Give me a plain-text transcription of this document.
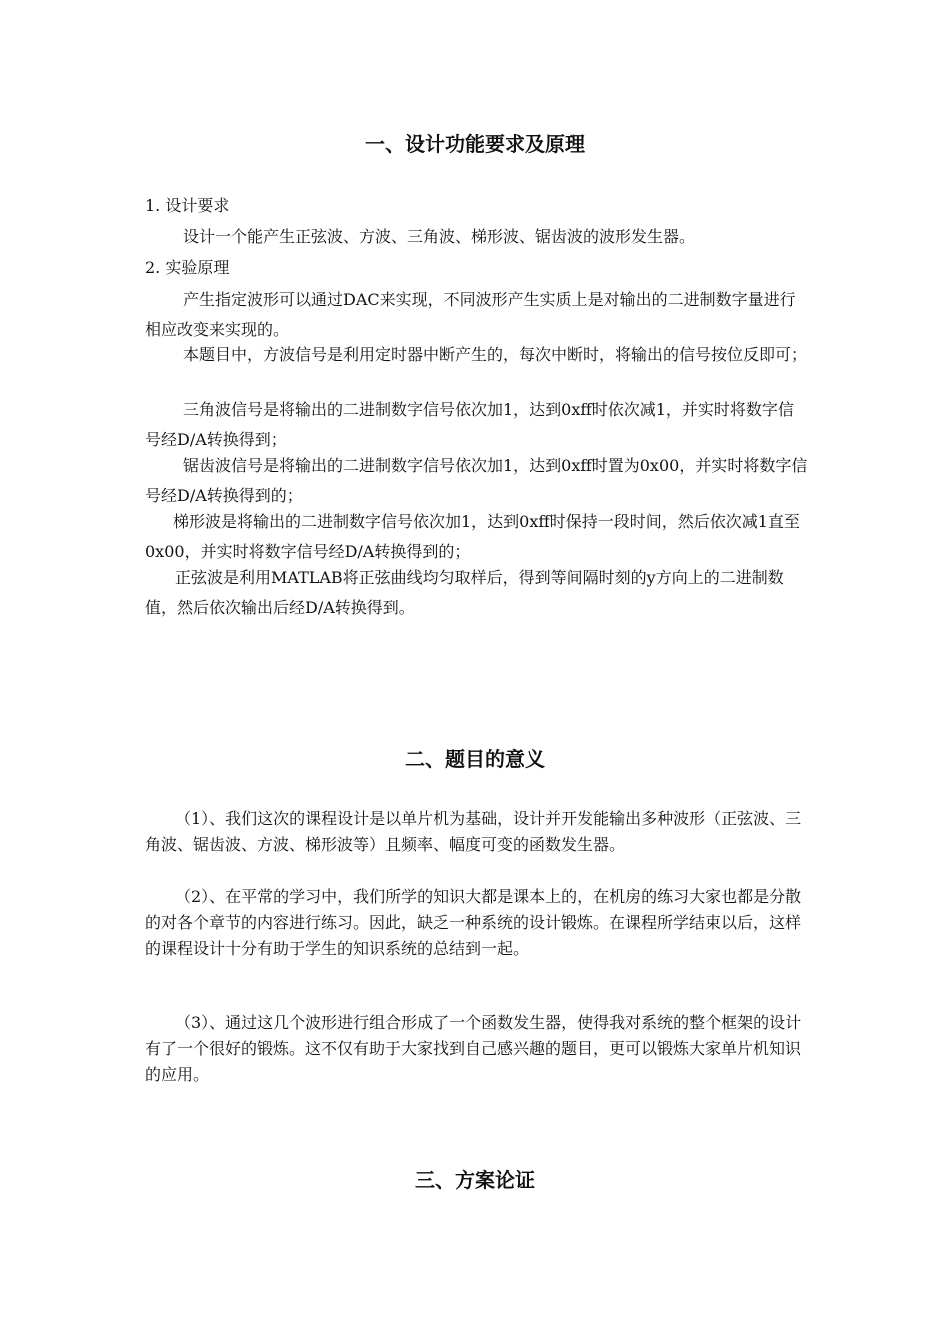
一、设计功能要求及原理

1. 设计要求

设计一个能产生正弦波、方波、三角波、梯形波、锯齿波的波形发生器。

2. 实验原理

产生指定波形可以通过DAC来实现，不同波形产生实质上是对输出的二进制数字量进行相应改变来实现的。

本题目中，方波信号是利用定时器中断产生的，每次中断时，将输出的信号按位反即可；

三角波信号是将输出的二进制数字信号依次加1，达到0xff时依次减1，并实时将数字信号经D/A转换得到；

锯齿波信号是将输出的二进制数字信号依次加1，达到0xff时置为0x00，并实时将数字信号经D/A转换得到的；

梯形波是将输出的二进制数字信号依次加1，达到0xff时保持一段时间，然后依次减1直至0x00，并实时将数字信号经D/A转换得到的；

正弦波是利用MATLAB将正弦曲线均匀取样后，得到等间隔时刻的y方向上的二进制数值，然后依次输出后经D/A转换得到。

二、题目的意义

（1）、我们这次的课程设计是以单片机为基础，设计并开发能输出多种波形（正弦波、三角波、锯齿波、方波、梯形波等）且频率、幅度可变的函数发生器。

（2）、在平常的学习中，我们所学的知识大都是课本上的，在机房的练习大家也都是分散的对各个章节的内容进行练习。因此，缺乏一种系统的设计锻炼。在课程所学结束以后，这样的课程设计十分有助于学生的知识系统的总结到一起。

（3）、通过这几个波形进行组合形成了一个函数发生器，使得我对系统的整个框架的设计有了一个很好的锻炼。这不仅有助于大家找到自己感兴趣的题目，更可以锻炼大家单片机知识的应用。

三、方案论证
